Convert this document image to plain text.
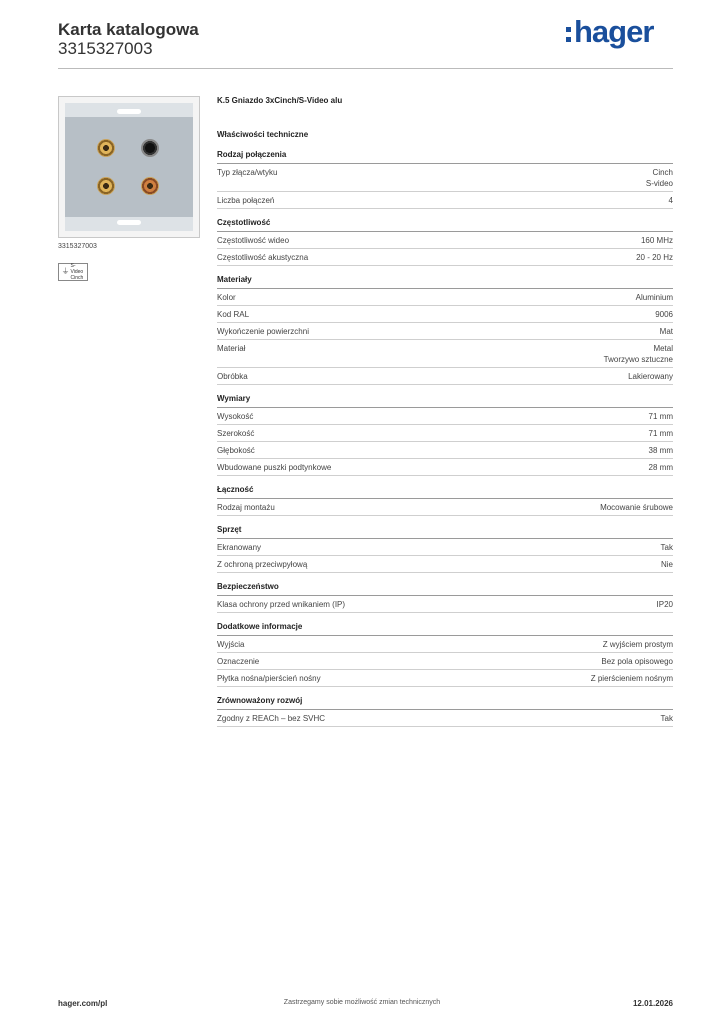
Karta katalogowa
3315327003	hager
3315327003
⏚
S-Video Cinch
K.5 Gniazdo 3xCinch/S-Video alu
Właściwości techniczne
Rodzaj połączenia
Typ złącza/wtyku	Cinch
S-video
Liczba połączeń	4
Częstotliwość
Częstotliwość wideo	160 MHz
Częstotliwość akustyczna	20 - 20 Hz
Materiały
Kolor	Aluminium
Kod RAL	9006
Wykończenie powierzchni	Mat
Materiał	Metal
Tworzywo sztuczne
Obróbka	Lakierowany
Wymiary
Wysokość	71 mm
Szerokość	71 mm
Głębokość	38 mm
Wbudowane puszki podtynkowe	28 mm
Łączność
Rodzaj montażu	Mocowanie śrubowe
Sprzęt
Ekranowany	Tak
Z ochroną przeciwpyłową	Nie
Bezpieczeństwo
Klasa ochrony przed wnikaniem (IP)	IP20
Dodatkowe informacje
Wyjścia	Z wyjściem prostym
Oznaczenie	Bez pola opisowego
Płytka nośna/pierścień nośny	Z pierścieniem nośnym
Zrównoważony rozwój
Zgodny z REACh – bez SVHC	Tak
hager.com/pl	Zastrzegamy sobie możliwość zmian technicznych	12.01.2026
